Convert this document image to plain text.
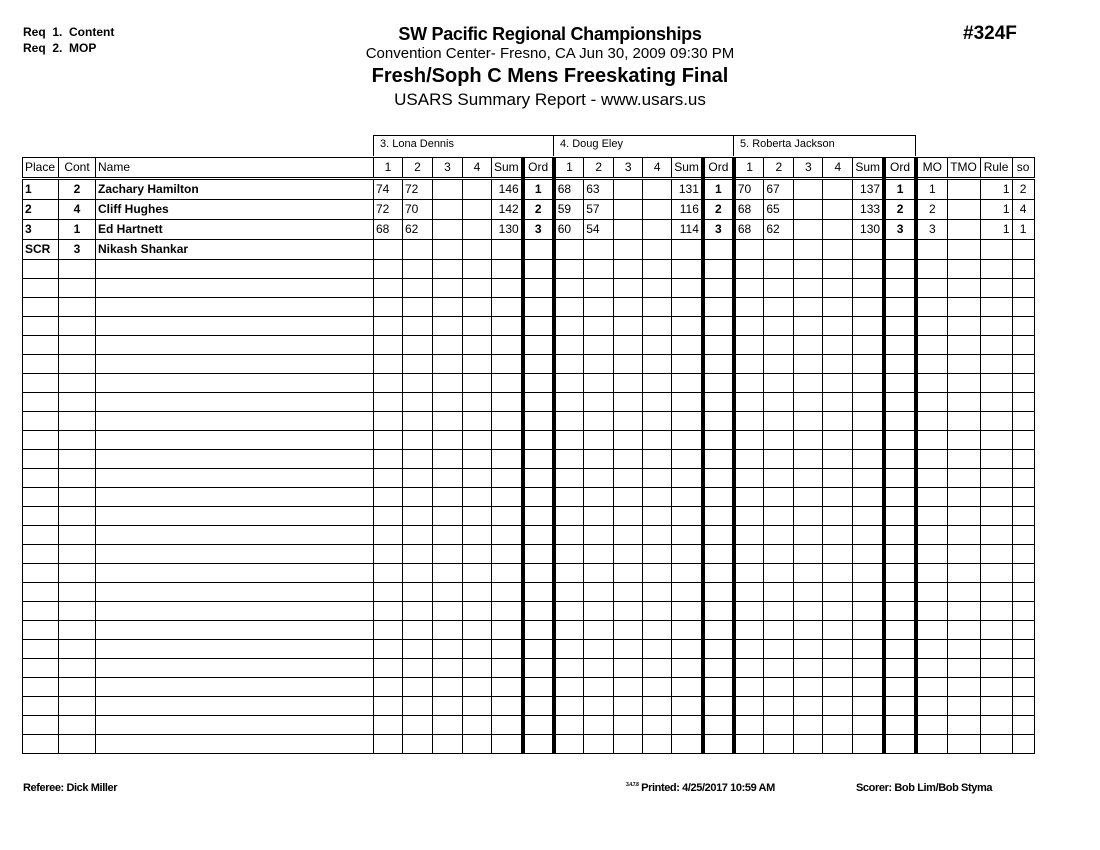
Req  1.  Content
Req  2.  MOP
SW Pacific Regional Championships
Convention Center- Fresno, CA Jun 30, 2009 09:30 PM
Fresh/Soph C Mens Freeskating Final
USARS Summary Report - www.usars.us
#324F
3. Lona Dennis	4. Doug Eley	5. Roberta Jackson
Place	Cont	Name	1	2	3	4	Sum	Ord	1	2	3	4	Sum	Ord	1	2	3	4	Sum	Ord	MO	TMO	Rule	so
1	2	Zachary Hamilton	74	72			146	1	68	63			131	1	70	67			137	1	1		1	2
2	4	Cliff Hughes	72	70			142	2	59	57			116	2	68	65			133	2	2		1	4
3	1	Ed Hartnett	68	62			130	3	60	54			114	3	68	62			130	3	3		1	1
SCR	3	Nikash Shankar																						

Referee: Dick Miller	$^{3.4.7.8}$ Printed: 4/25/2017 10:59 AM	Scorer: Bob Lim/Bob Styma
